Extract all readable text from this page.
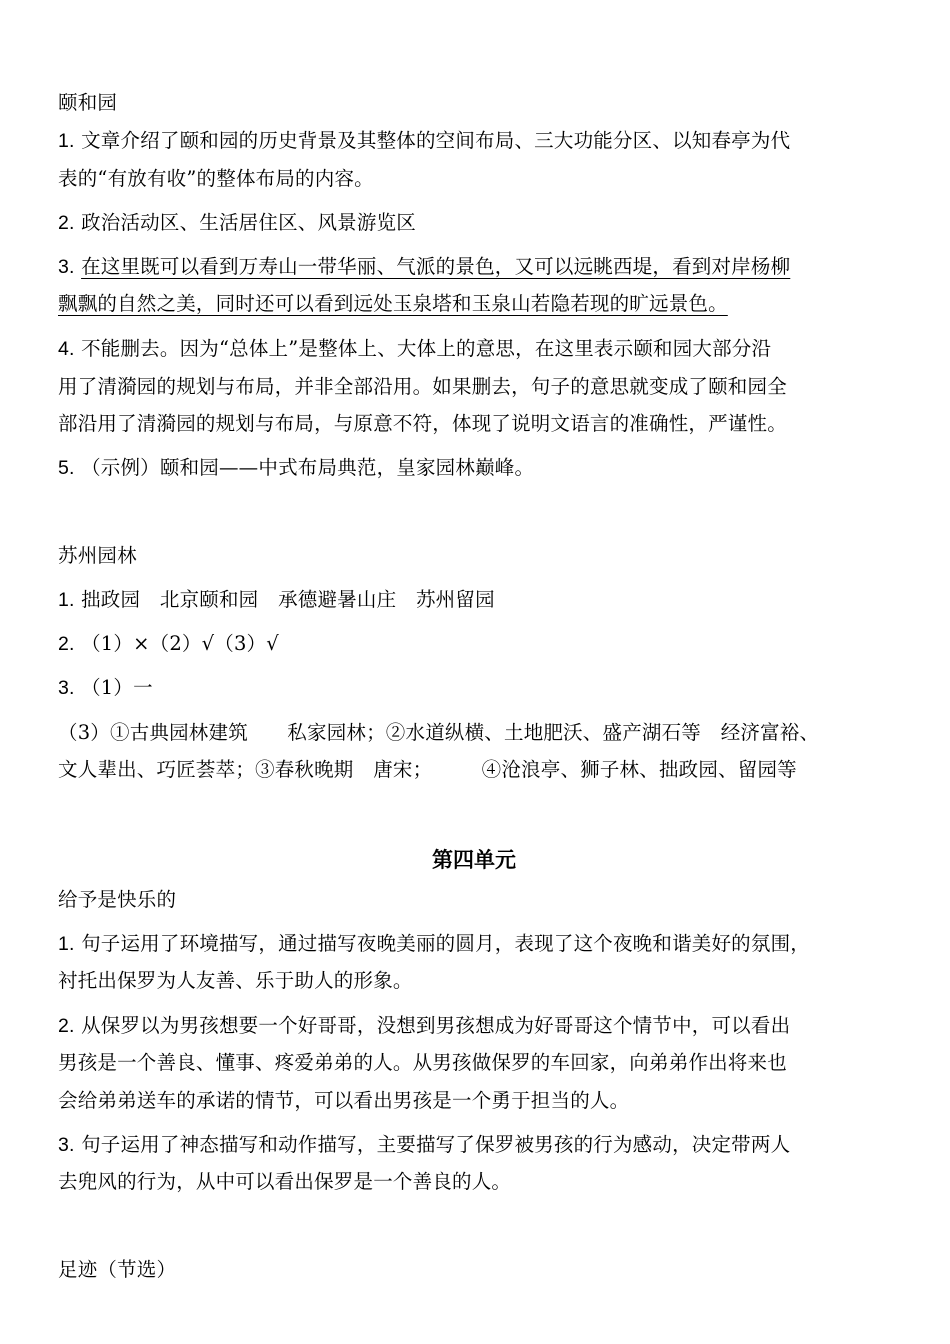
颐和园
1. 文章介绍了颐和园的历史背景及其整体的空间布局、三大功能分区、以知春亭为代
表的“有放有收”的整体布局的内容。
2. 政治活动区、生活居住区、风景游览区
3. 在这里既可以看到万寿山一带华丽、气派的景色，又可以远眺西堤，看到对岸杨柳
飘飘的自然之美，同时还可以看到远处玉泉塔和玉泉山若隐若现的旷远景色。
4. 不能删去。因为“总体上”是整体上、大体上的意思，在这里表示颐和园大部分沿
用了清漪园的规划与布局，并非全部沿用。如果删去，句子的意思就变成了颐和园全
部沿用了清漪园的规划与布局，与原意不符，体现了说明文语言的准确性，严谨性。
5. （示例）颐和园——中式布局典范，皇家园林巅峰。
苏州园林
1. 拙政园　北京颐和园　承德避暑山庄　苏州留园
2. （1）×（2）√（3）√
3. （1）一
（3）①古典园林建筑　　私家园林；②水道纵横、土地肥沃、盛产湖石等　经济富裕、
文人辈出、巧匠荟萃；③春秋晚期　唐宋；　　　④沧浪亭、狮子林、拙政园、留园等
第四单元
给予是快乐的
1. 句子运用了环境描写，通过描写夜晚美丽的圆月，表现了这个夜晚和谐美好的氛围，
衬托出保罗为人友善、乐于助人的形象。
2. 从保罗以为男孩想要一个好哥哥，没想到男孩想成为好哥哥这个情节中，可以看出
男孩是一个善良、懂事、疼爱弟弟的人。从男孩做保罗的车回家，向弟弟作出将来也
会给弟弟送车的承诺的情节，可以看出男孩是一个勇于担当的人。
3. 句子运用了神态描写和动作描写，主要描写了保罗被男孩的行为感动，决定带两人
去兜风的行为，从中可以看出保罗是一个善良的人。
足迹（节选）
